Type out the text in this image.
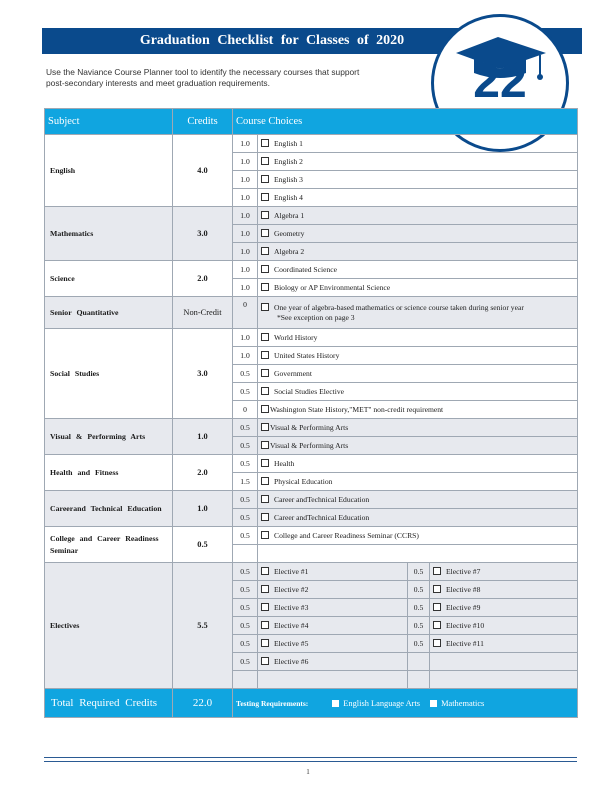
Graduation Checklist for Classes of 2020
Use the Naviance Course Planner tool to identify the necessary courses that support post-secondary interests and meet graduation requirements.	22
Subject	Credits	Course Choices			
English	4.0	1.0	English 1		
		1.0	English 2		
		1.0	English 3		
		1.0	English 4		
Mathematics	3.0	1.0	Algebra 1		
		1.0	Geometry		
		1.0	Algebra 2		
Science	2.0	1.0	Coordinated Science		
		1.0	Biology or AP Environmental Science		
Senior Quantitative	Non-Credit	0	One year of algebra-based mathematics or science course taken during senior year
*See exception on page 3		
Social Studies	3.0	1.0	World History		
		1.0	United States History		
		0.5	Government		
		0.5	Social Studies Elective		
		0	Washington State History,"MET" non-credit requirement		
Visual & Performing Arts	1.0	0.5	Visual & Performing Arts		
		0.5	Visual & Performing Arts		
Health and Fitness	2.0	0.5	Health		
		1.5	Physical Education		
Careerand Technical Education	1.0	0.5	Career andTechnical Education		
		0.5	Career andTechnical Education		
College and Career Readiness Seminar	0.5	0.5	College and Career Readiness Seminar (CCRS)		

Electives	5.5	0.5	Elective #1	0.5	Elective #7
		0.5	Elective #2	0.5	Elective #8
		0.5	Elective #3	0.5	Elective #9
		0.5	Elective #4	0.5	Elective #10
		0.5	Elective #5	0.5	Elective #11
		0.5	Elective #6		

Total Required Credits	22.0	Testing Requirements: English Language Arts Mathematics			
1
